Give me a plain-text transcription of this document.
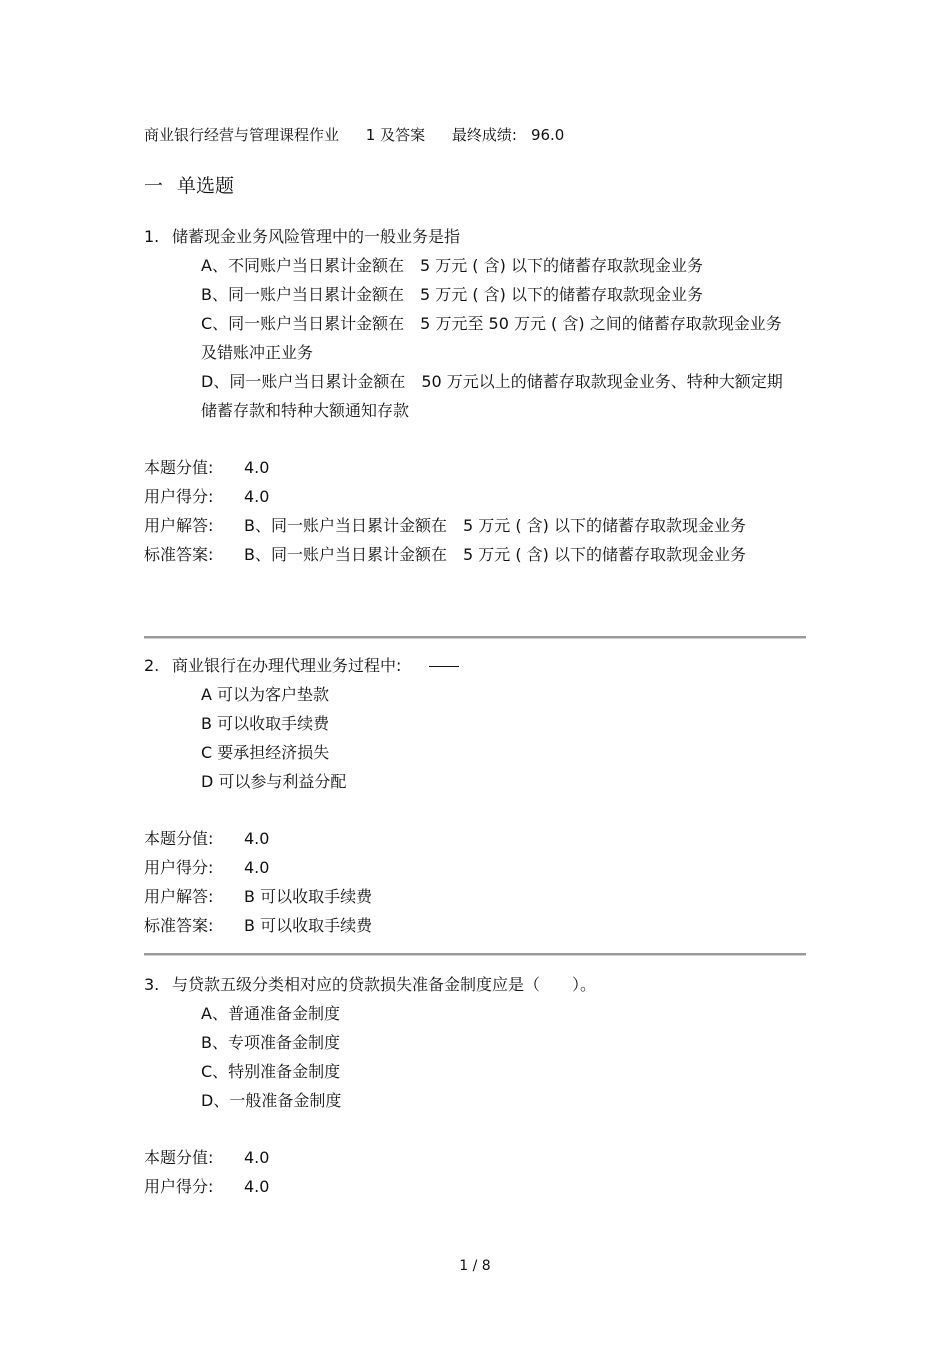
商业银行经营与管理课程作业 1 及答案 最终成绩: 96.0
一 单选题
1. 储蓄现金业务风险管理中的一般业务是指
A、不同账户当日累计金额在　5 万元 ( 含) 以下的储蓄存取款现金业务
B、同一账户当日累计金额在　5 万元 ( 含) 以下的储蓄存取款现金业务
C、同一账户当日累计金额在　5 万元至 50 万元 ( 含) 之间的储蓄存取款现金业务及错账冲正业务
D、同一账户当日累计金额在　50 万元以上的储蓄存取款现金业务、特种大额定期储蓄存款和特种大额通知存款
本题分值:	4.0
用户得分:	4.0
用户解答: B、同一账户当日累计金额在　5 万元 ( 含) 以下的储蓄存取款现金业务
标准答案: B、同一账户当日累计金额在　5 万元 ( 含) 以下的储蓄存取款现金业务
2. 商业银行在办理代理业务过程中:
A 可以为客户垫款
B 可以收取手续费
C 要承担经济损失
D 可以参与利益分配
本题分值:	4.0
用户得分:	4.0
用户解答:	B 可以收取手续费
标准答案:	B 可以收取手续费
3. 与贷款五级分类相对应的贷款损失准备金制度应是（　　）。
A、普通准备金制度
B、专项准备金制度
C、特别准备金制度
D、一般准备金制度
本题分值:	4.0
用户得分:	4.0
1 / 8
